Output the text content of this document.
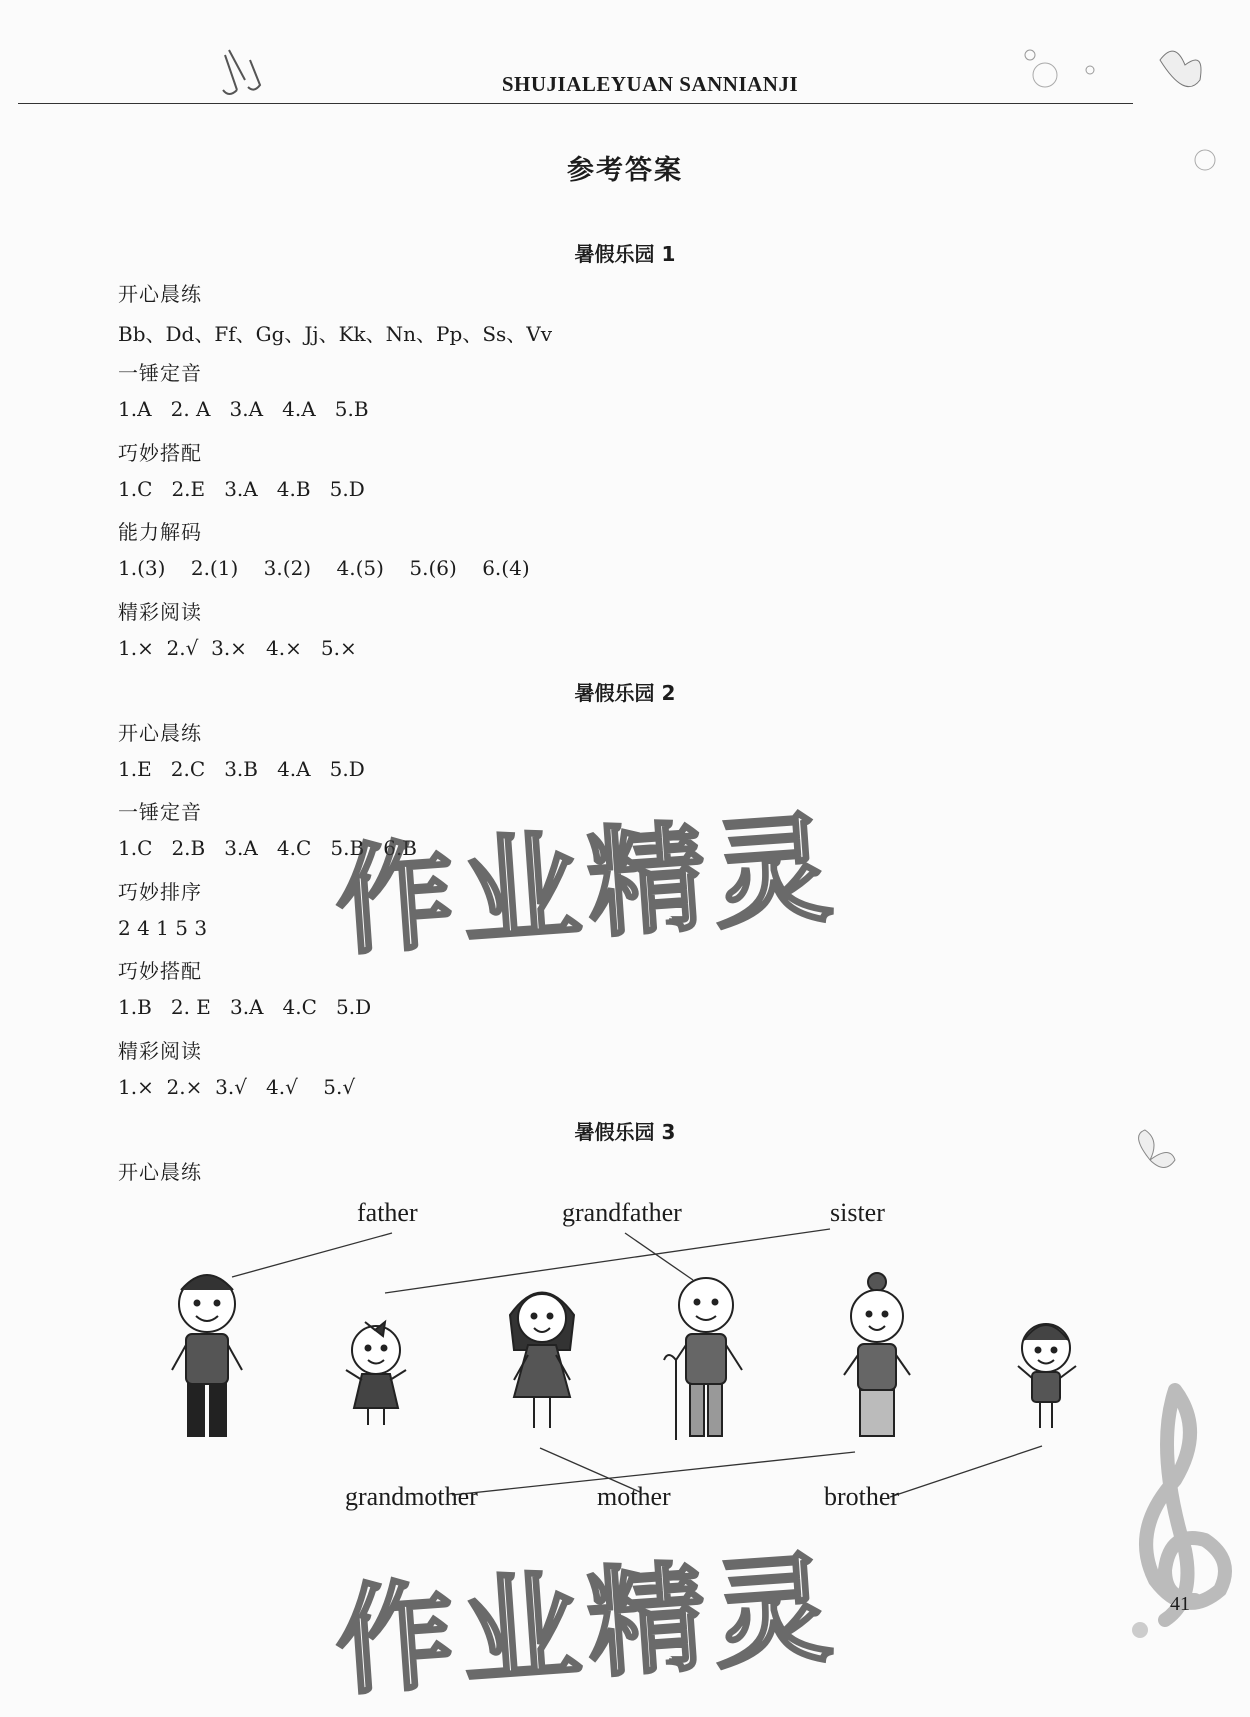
SHUJIALEYUAN SANNIANJI
参考答案
暑假乐园 1
开心晨练
Bb、Dd、Ff、Gg、Jj、Kk、Nn、Pp、Ss、Vv
一锤定音
1.A   2. A   3.A   4.A   5.B
巧妙搭配
1.C   2.E   3.A   4.B   5.D
能力解码
1.(3)    2.(1)    3.(2)    4.(5)    5.(6)    6.(4)
精彩阅读
1.×  2.√  3.×   4.×   5.×
暑假乐园 2
开心晨练
1.E   2.C   3.B   4.A   5.D
一锤定音
1.C   2.B   3.A   4.C   5.B   6.B
巧妙排序
2 4 1 5 3
巧妙搭配
1.B   2. E   3.A   4.C   5.D
精彩阅读
1.×  2.×  3.√   4.√    5.√
暑假乐园 3
开心晨练
father	grandfather	sister
grandmother	mother	brother
作业精灵
作业精灵	41
